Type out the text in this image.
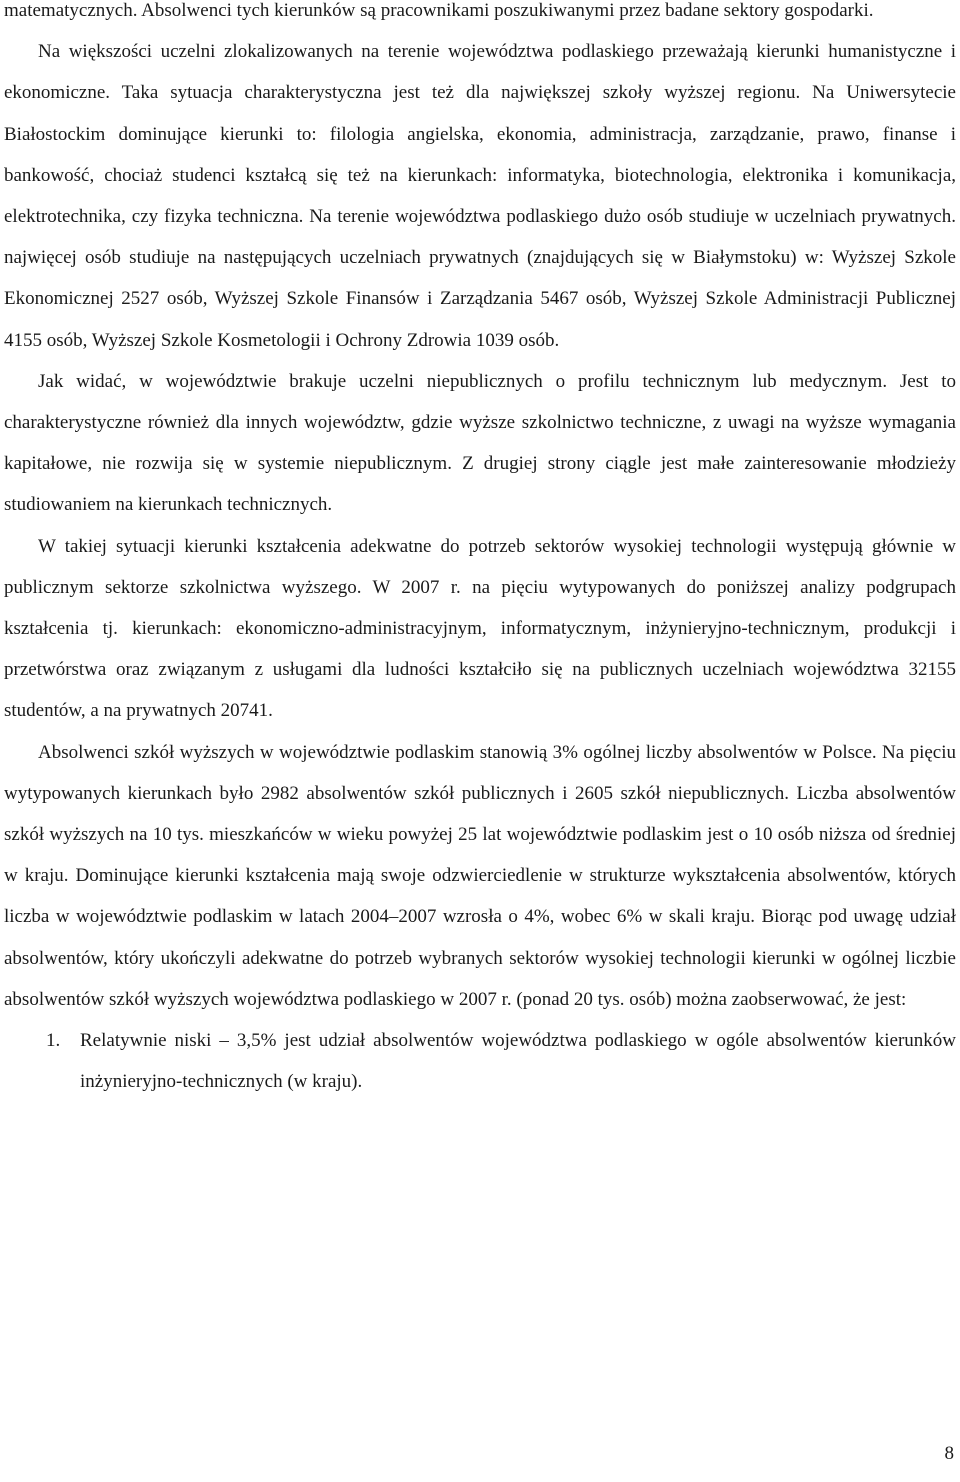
matematycznych. Absolwenci tych kierunków są pracownikami poszukiwanymi przez badane sektory gospodarki.

Na większości uczelni zlokalizowanych na terenie województwa podlaskiego przeważają kierunki humanistyczne i ekonomiczne. Taka sytuacja charakterystyczna jest też dla największej szkoły wyższej regionu. Na Uniwersytecie Białostockim dominujące kierunki to: filologia angielska, ekonomia, administracja, zarządzanie, prawo, finanse i bankowość, chociaż studenci kształcą się też na kierunkach: informatyka, biotechnologia, elektronika i komunikacja, elektrotechnika, czy fizyka techniczna. Na terenie województwa podlaskiego dużo osób studiuje w uczelniach prywatnych. najwięcej osób studiuje na następujących uczelniach prywatnych (znajdujących się w Białymstoku) w: Wyższej Szkole Ekonomicznej 2527 osób, Wyższej Szkole Finansów i Zarządzania 5467 osób, Wyższej Szkole Administracji Publicznej 4155 osób, Wyższej Szkole Kosmetologii i Ochrony Zdrowia 1039 osób.

Jak widać, w województwie brakuje uczelni niepublicznych o profilu technicznym lub medycznym. Jest to charakterystyczne również dla innych województw, gdzie wyższe szkolnictwo techniczne, z uwagi na wyższe wymagania kapitałowe, nie rozwija się w systemie niepublicznym. Z drugiej strony ciągle jest małe zainteresowanie młodzieży studiowaniem na kierunkach technicznych.

W takiej sytuacji kierunki kształcenia adekwatne do potrzeb sektorów wysokiej technologii występują głównie w publicznym sektorze szkolnictwa wyższego. W 2007 r. na pięciu wytypowanych do poniższej analizy podgrupach kształcenia tj. kierunkach: ekonomiczno-administracyjnym, informatycznym, inżynieryjno-technicznym, produkcji i przetwórstwa oraz związanym z usługami dla ludności kształciło się na publicznych uczelniach województwa 32155 studentów, a na prywatnych 20741.

Absolwenci szkół wyższych w województwie podlaskim stanowią 3% ogólnej liczby absolwentów w Polsce. Na pięciu wytypowanych kierunkach było 2982 absolwentów szkół publicznych i 2605 szkół niepublicznych. Liczba absolwentów szkół wyższych na 10 tys. mieszkańców w wieku powyżej 25 lat województwie podlaskim jest o 10 osób niższa od średniej w kraju. Dominujące kierunki kształcenia mają swoje odzwierciedlenie w strukturze wykształcenia absolwentów, których liczba w województwie podlaskim w latach 2004–2007 wzrosła o 4%, wobec 6% w skali kraju. Biorąc pod uwagę udział absolwentów, który ukończyli adekwatne do potrzeb wybranych sektorów wysokiej technologii kierunki w ogólnej liczbie absolwentów szkół wyższych województwa podlaskiego w 2007 r. (ponad 20 tys. osób) można zaobserwować, że jest:

1. Relatywnie niski – 3,5% jest udział absolwentów województwa podlaskiego w ogóle absolwentów kierunków inżynieryjno-technicznych (w kraju).
8
